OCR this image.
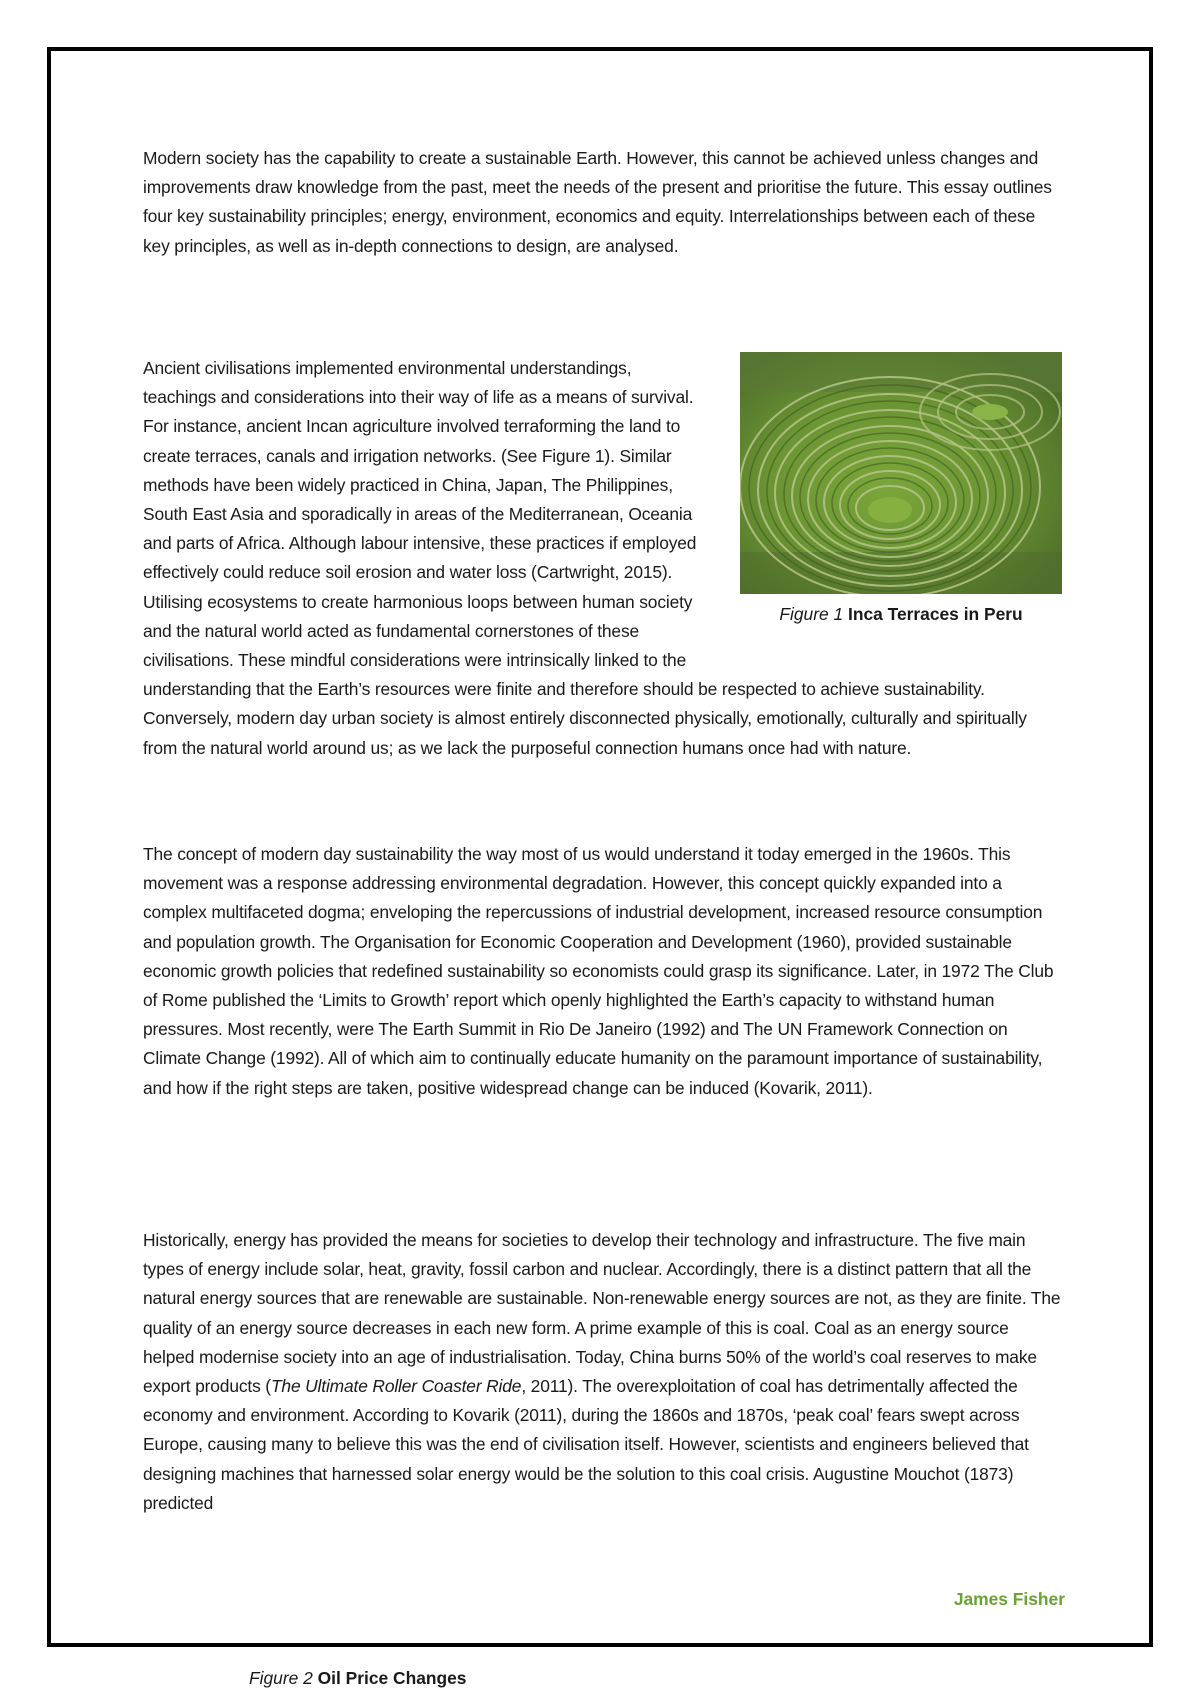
Modern society has the capability to create a sustainable Earth. However, this cannot be achieved unless changes and improvements draw knowledge from the past, meet the needs of the present and prioritise the future. This essay outlines four key sustainability principles; energy, environment, economics and equity. Interrelationships between each of these key principles, as well as in-depth connections to design, are analysed.

Ancient civilisations implemented environmental understandings, teachings and considerations into their way of life as a means of survival. For instance, ancient Incan agriculture involved terraforming the land to create terraces, canals and irrigation networks. (See Figure 1). Similar methods have been widely practiced in China, Japan, The Philippines, South East Asia and sporadically in areas of the Mediterranean, Oceania and parts of Africa. Although labour intensive, these practices if employed effectively could reduce soil erosion and water loss (Cartwright, 2015). Utilising ecosystems to create harmonious loops between human society and the natural world acted as fundamental cornerstones of these civilisations. These mindful considerations were intrinsically linked to the understanding that the Earth’s resources were finite and therefore should be respected to achieve sustainability. Conversely, modern day urban society is almost entirely disconnected physically, emotionally, culturally and spiritually from the natural world around us; as we lack the purposeful connection humans once had with nature.

Figure 1 Inca Terraces in Peru

The concept of modern day sustainability the way most of us would understand it today emerged in the 1960s. This movement was a response addressing environmental degradation. However, this concept quickly expanded into a complex multifaceted dogma; enveloping the repercussions of industrial development, increased resource consumption and population growth. The Organisation for Economic Cooperation and Development (1960), provided sustainable economic growth policies that redefined sustainability so economists could grasp its significance. Later, in 1972 The Club of Rome published the ‘Limits to Growth’ report which openly highlighted the Earth’s capacity to withstand human pressures. Most recently, were The Earth Summit in Rio De Janeiro (1992) and The UN Framework Connection on Climate Change (1992). All of which aim to continually educate humanity on the paramount importance of sustainability, and how if the right steps are taken, positive widespread change can be induced (Kovarik, 2011).

Historically, energy has provided the means for societies to develop their technology and infrastructure. The five main types of energy include solar, heat, gravity, fossil carbon and nuclear. Accordingly, there is a distinct pattern that all the natural energy sources that are renewable are sustainable. Non-renewable energy sources are not, as they are finite. The quality of an energy source decreases in each new form. A prime example of this is coal. Coal as an energy source helped modernise society into an age of industrialisation. Today, China burns 50% of the world’s coal reserves to make export products (The Ultimate Roller Coaster Ride, 2011). The overexploitation of coal has detrimentally affected the economy and environment. According to Kovarik (2011), during the 1860s and 1870s, ‘peak coal’ fears swept across Europe, causing many to believe this was the end of civilisation itself. However, scientists and engineers believed that designing machines that harnessed solar energy would be the solution to this coal crisis. Augustine Mouchot (1873) predicted

James Fisher
Figure 2 Oil Price Changes
